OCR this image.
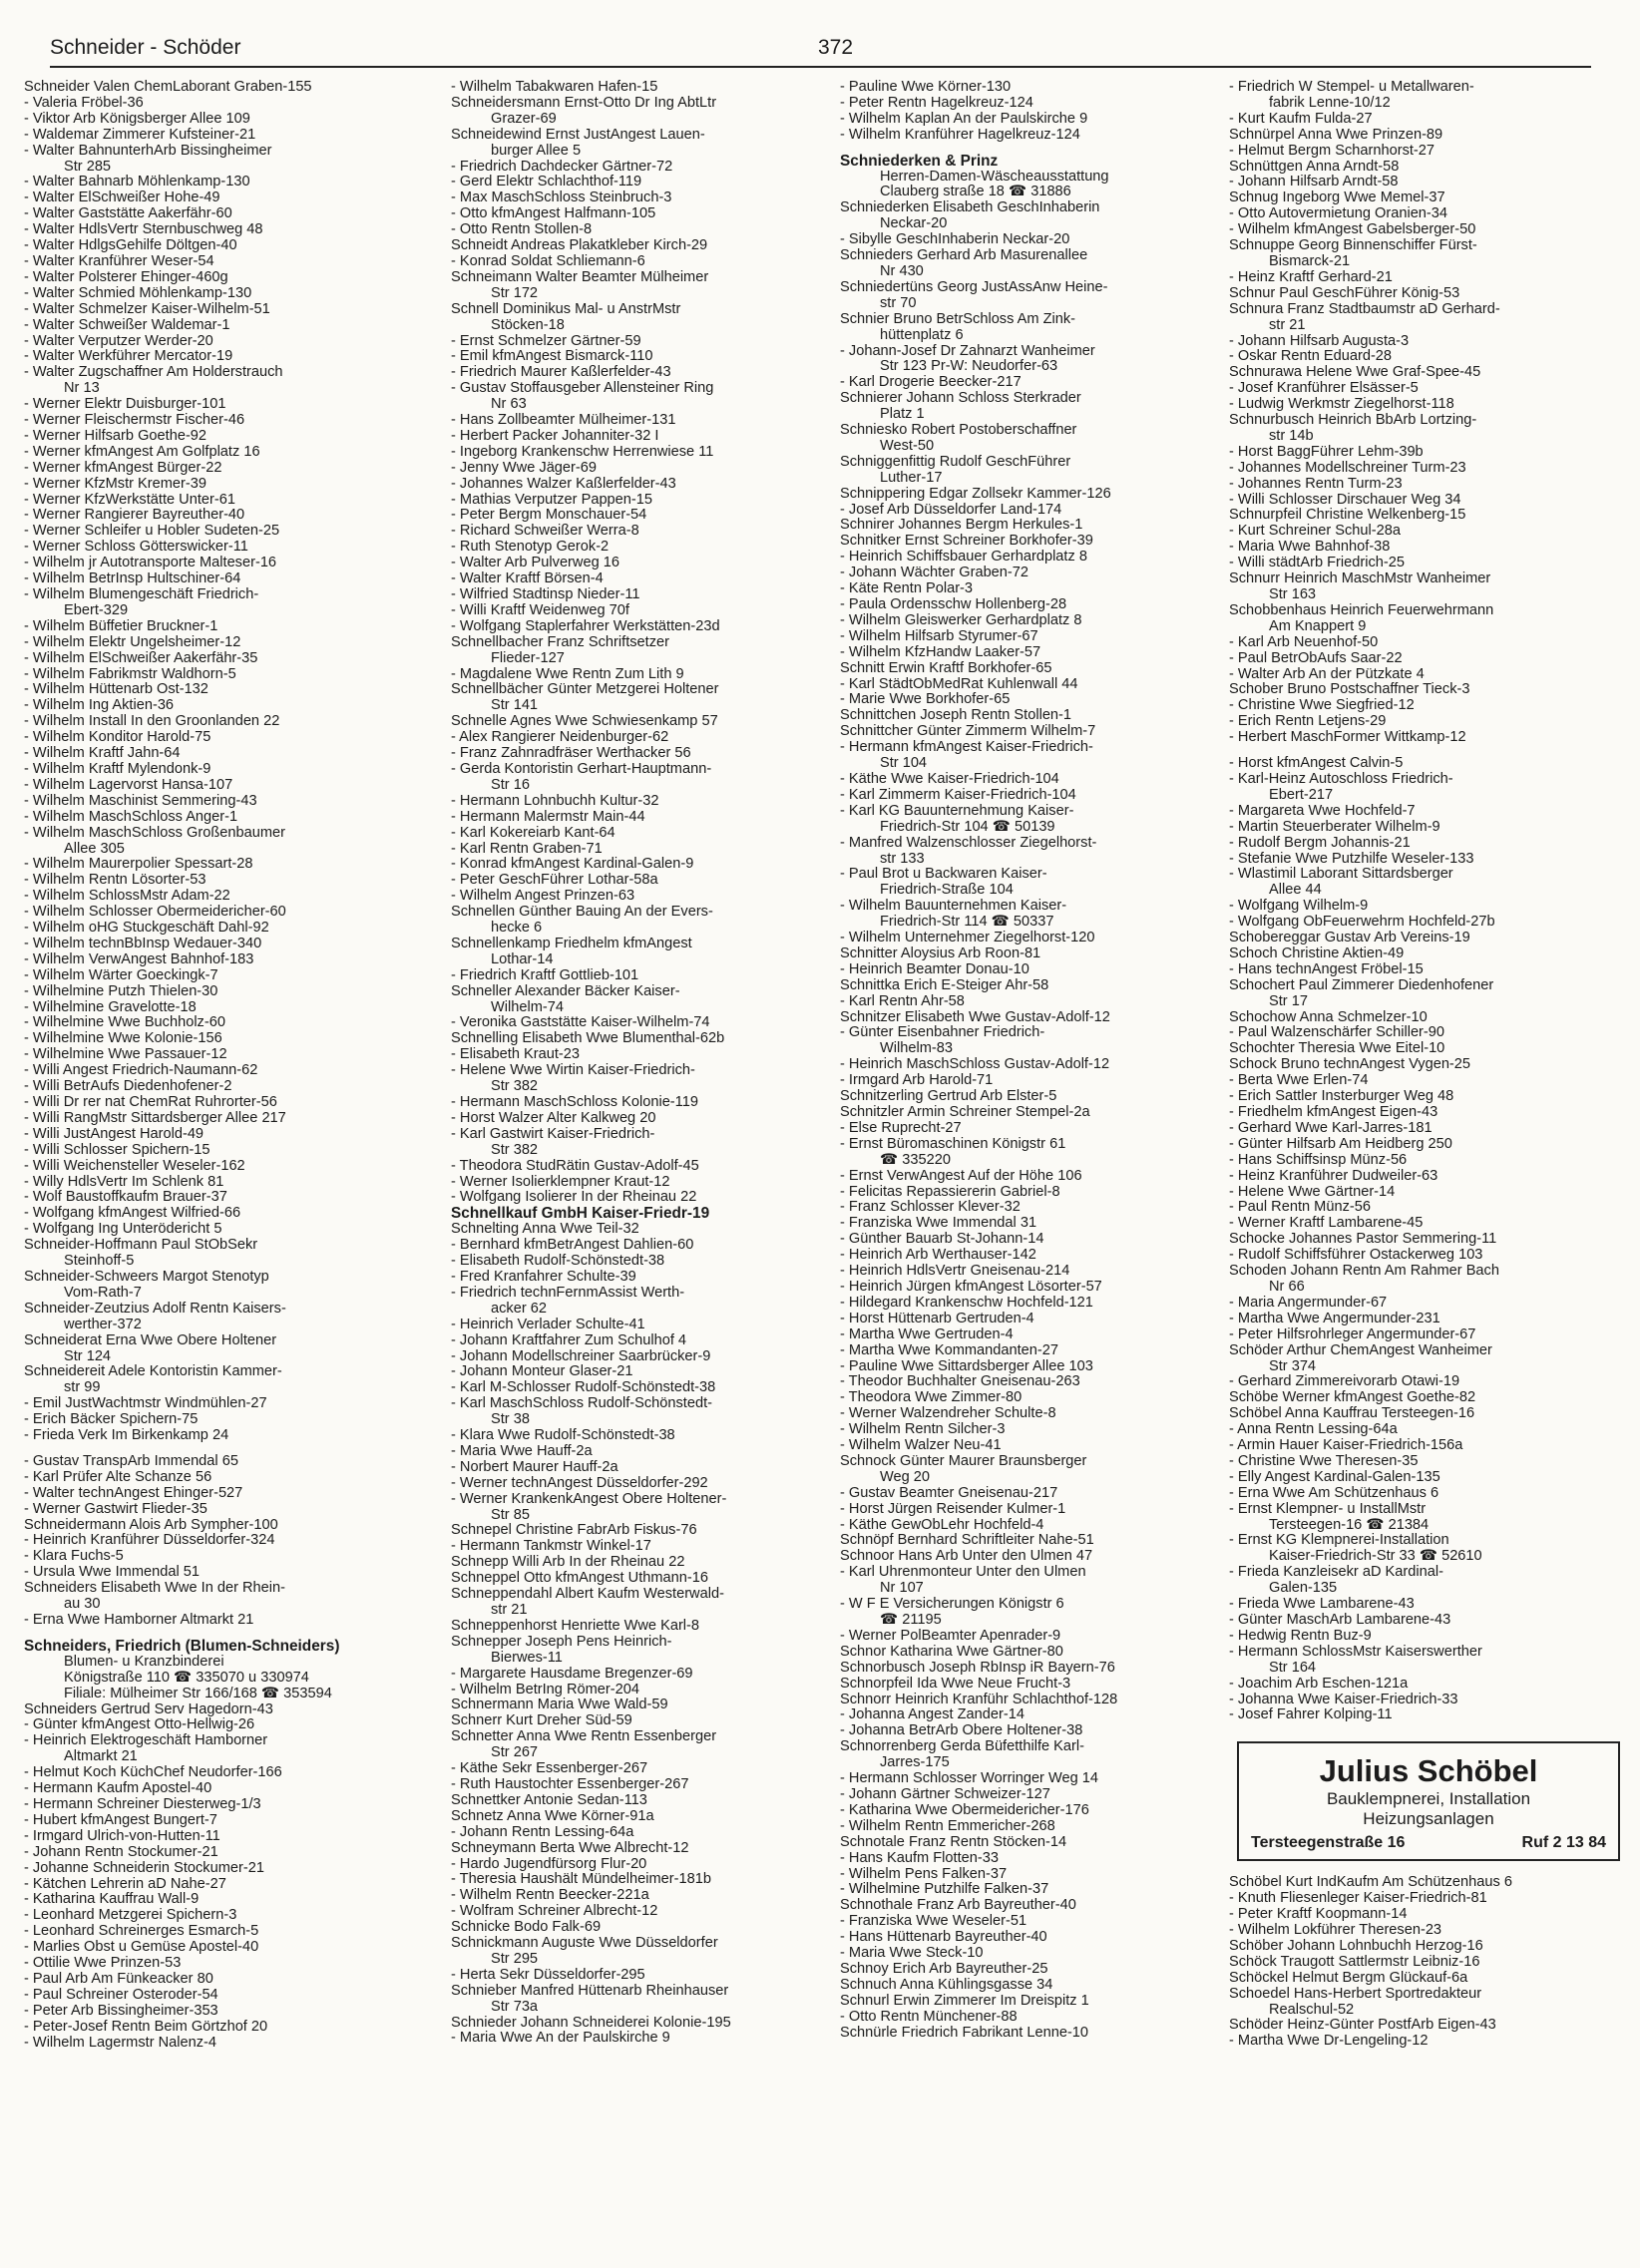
Schneider - Schöder	372
Schneider Valen ChemLaborant Graben-155
- Valeria Fröbel-36
- Viktor Arb Königsberger Allee 109
- Waldemar Zimmerer Kufsteiner-21
- Walter BahnunterhArb Bissingheimer
Str 285
- Walter Bahnarb Möhlenkamp-130
- Walter ElSchweißer Hohe-49
- Walter Gaststätte Aakerfähr-60
- Walter HdlsVertr Sternbuschweg 48
- Walter HdlgsGehilfe Döltgen-40
- Walter Kranführer Weser-54
- Walter Polsterer Ehinger-460g
- Walter Schmied Möhlenkamp-130
- Walter Schmelzer Kaiser-Wilhelm-51
- Walter Schweißer Waldemar-1
- Walter Verputzer Werder-20
- Walter Werkführer Mercator-19
- Walter Zugschaffner Am Holderstrauch
Nr 13
- Werner Elektr Duisburger-101
- Werner Fleischermstr Fischer-46
- Werner Hilfsarb Goethe-92
- Werner kfmAngest Am Golfplatz 16
- Werner kfmAngest Bürger-22
- Werner KfzMstr Kremer-39
- Werner KfzWerkstätte Unter-61
- Werner Rangierer Bayreuther-40
- Werner Schleifer u Hobler Sudeten-25
- Werner Schloss Götterswicker-11
- Wilhelm jr Autotransporte Malteser-16
- Wilhelm BetrInsp Hultschiner-64
- Wilhelm Blumengeschäft Friedrich-
Ebert-329
- Wilhelm Büffetier Bruckner-1
- Wilhelm Elektr Ungelsheimer-12
- Wilhelm ElSchweißer Aakerfähr-35
- Wilhelm Fabrikmstr Waldhorn-5
- Wilhelm Hüttenarb Ost-132
- Wilhelm Ing Aktien-36
- Wilhelm Install In den Groonlanden 22
- Wilhelm Konditor Harold-75
- Wilhelm Kraftf Jahn-64
- Wilhelm Kraftf Mylendonk-9
- Wilhelm Lagervorst Hansa-107
- Wilhelm Maschinist Semmering-43
- Wilhelm MaschSchloss Anger-1
- Wilhelm MaschSchloss Großenbaumer
Allee 305
- Wilhelm Maurerpolier Spessart-28
- Wilhelm Rentn Lösorter-53
- Wilhelm SchlossMstr Adam-22
- Wilhelm Schlosser Obermeidericher-60
- Wilhelm oHG Stuckgeschäft Dahl-92
- Wilhelm technBbInsp Wedauer-340
- Wilhelm VerwAngest Bahnhof-183
- Wilhelm Wärter Goeckingk-7
- Wilhelmine Putzh Thielen-30
- Wilhelmine Gravelotte-18
- Wilhelmine Wwe Buchholz-60
- Wilhelmine Wwe Kolonie-156
- Wilhelmine Wwe Passauer-12
- Willi Angest Friedrich-Naumann-62
- Willi BetrAufs Diedenhofener-2
- Willi Dr rer nat ChemRat Ruhrorter-56
- Willi RangMstr Sittardsberger Allee 217
- Willi JustAngest Harold-49
- Willi Schlosser Spichern-15
- Willi Weichensteller Weseler-162
- Willy HdlsVertr Im Schlenk 81
- Wolf Baustoffkaufm Brauer-37
- Wolfgang kfmAngest Wilfried-66
- Wolfgang Ing Unterödericht 5
Schneider-Hoffmann Paul StObSekr
Steinhoff-5
Schneider-Schweers Margot Stenotyp
Vom-Rath-7
Schneider-Zeutzius Adolf Rentn Kaisers-
werther-372
Schneiderat Erna Wwe Obere Holtener
Str 124
Schneidereit Adele Kontoristin Kammer-
str 99
- Emil JustWachtmstr Windmühlen-27
- Erich Bäcker Spichern-75
- Frieda Verk Im Birkenkamp 24
- Gustav TranspArb Immendal 65
- Karl Prüfer Alte Schanze 56
- Walter technAngest Ehinger-527
- Werner Gastwirt Flieder-35
Schneidermann Alois Arb Sympher-100
- Heinrich Kranführer Düsseldorfer-324
- Klara Fuchs-5
- Ursula Wwe Immendal 51
Schneiders Elisabeth Wwe In der Rhein-
au 30
- Erna Wwe Hamborner Altmarkt 21
Schneiders, Friedrich (Blumen-Schneiders)
Blumen- u Kranzbinderei
Königstraße 110 ☎ 335070 u 330974
Filiale: Mülheimer Str 166/168 ☎ 353594
Schneiders Gertrud Serv Hagedorn-43
- Günter kfmAngest Otto-Hellwig-26
- Heinrich Elektrogeschäft Hamborner
Altmarkt 21
- Helmut Koch KüchChef Neudorfer-166
- Hermann Kaufm Apostel-40
- Hermann Schreiner Diesterweg-1/3
- Hubert kfmAngest Bungert-7
- Irmgard Ulrich-von-Hutten-11
- Johann Rentn Stockumer-21
- Johanne Schneiderin Stockumer-21
- Kätchen Lehrerin aD Nahe-27
- Katharina Kauffrau Wall-9
- Leonhard Metzgerei Spichern-3
- Leonhard Schreinerges Esmarch-5
- Marlies Obst u Gemüse Apostel-40
- Ottilie Wwe Prinzen-53
- Paul Arb Am Fünkeacker 80
- Paul Schreiner Osteroder-54
- Peter Arb Bissingheimer-353
- Peter-Josef Rentn Beim Görtzhof 20
- Wilhelm Lagermstr Nalenz-4
- Wilhelm Tabakwaren Hafen-15
Schneidersmann Ernst-Otto Dr Ing AbtLtr
Grazer-69
Schneidewind Ernst JustAngest Lauen-
burger Allee 5
- Friedrich Dachdecker Gärtner-72
- Gerd Elektr Schlachthof-119
- Max MaschSchloss Steinbruch-3
- Otto kfmAngest Halfmann-105
- Otto Rentn Stollen-8
Schneidt Andreas Plakatkleber Kirch-29
- Konrad Soldat Schliemann-6
Schneimann Walter Beamter Mülheimer
Str 172
Schnell Dominikus Mal- u AnstrMstr
Stöcken-18
- Ernst Schmelzer Gärtner-59
- Emil kfmAngest Bismarck-110
- Friedrich Maurer Kaßlerfelder-43
- Gustav Stoffausgeber Allensteiner Ring
Nr 63
- Hans Zollbeamter Mülheimer-131
- Herbert Packer Johanniter-32 I
- Ingeborg Krankenschw Herrenwiese 11
- Jenny Wwe Jäger-69
- Johannes Walzer Kaßlerfelder-43
- Mathias Verputzer Pappen-15
- Peter Bergm Monschauer-54
- Richard Schweißer Werra-8
- Ruth Stenotyp Gerok-2
- Walter Arb Pulverweg 16
- Walter Kraftf Börsen-4
- Wilfried Stadtinsp Nieder-11
- Willi Kraftf Weidenweg 70f
- Wolfgang Staplerfahrer Werkstätten-23d
Schnellbacher Franz Schriftsetzer
Flieder-127
- Magdalene Wwe Rentn Zum Lith 9
Schnellbächer Günter Metzgerei Holtener
Str 141
Schnelle Agnes Wwe Schwiesenkamp 57
- Alex Rangierer Neidenburger-62
- Franz Zahnradfräser Werthacker 56
- Gerda Kontoristin Gerhart-Hauptmann-
Str 16
- Hermann Lohnbuchh Kultur-32
- Hermann Malermstr Main-44
- Karl Kokereiarb Kant-64
- Karl Rentn Graben-71
- Konrad kfmAngest Kardinal-Galen-9
- Peter GeschFührer Lothar-58a
- Wilhelm Angest Prinzen-63
Schnellen Günther Bauing An der Evers-
hecke 6
Schnellenkamp Friedhelm kfmAngest
Lothar-14
- Friedrich Kraftf Gottlieb-101
Schneller Alexander Bäcker Kaiser-
Wilhelm-74
- Veronika Gaststätte Kaiser-Wilhelm-74
Schnelling Elisabeth Wwe Blumenthal-62b
- Elisabeth Kraut-23
- Helene Wwe Wirtin Kaiser-Friedrich-
Str 382
- Hermann MaschSchloss Kolonie-119
- Horst Walzer Alter Kalkweg 20
- Karl Gastwirt Kaiser-Friedrich-
Str 382
- Theodora StudRätin Gustav-Adolf-45
- Werner Isolierklempner Kraut-12
- Wolfgang Isolierer In der Rheinau 22
Schnellkauf GmbH Kaiser-Friedr-19
Schnelting Anna Wwe Teil-32
- Bernhard kfmBetrAngest Dahlien-60
- Elisabeth Rudolf-Schönstedt-38
- Fred Kranfahrer Schulte-39
- Friedrich technFernmAssist Werth-
acker 62
- Heinrich Verlader Schulte-41
- Johann Kraftfahrer Zum Schulhof 4
- Johann Modellschreiner Saarbrücker-9
- Johann Monteur Glaser-21
- Karl M-Schlosser Rudolf-Schönstedt-38
- Karl MaschSchloss Rudolf-Schönstedt-
Str 38
- Klara Wwe Rudolf-Schönstedt-38
- Maria Wwe Hauff-2a
- Norbert Maurer Hauff-2a
- Werner technAngest Düsseldorfer-292
- Werner KrankenkAngest Obere Holtener-
Str 85
Schnepel Christine FabrArb Fiskus-76
- Hermann Tankmstr Winkel-17
Schnepp Willi Arb In der Rheinau 22
Schneppel Otto kfmAngest Uthmann-16
Schneppendahl Albert Kaufm Westerwald-
str 21
Schneppenhorst Henriette Wwe Karl-8
Schnepper Joseph Pens Heinrich-
Bierwes-11
- Margarete Hausdame Bregenzer-69
- Wilhelm BetrIng Römer-204
Schnermann Maria Wwe Wald-59
Schnerr Kurt Dreher Süd-59
Schnetter Anna Wwe Rentn Essenberger
Str 267
- Käthe Sekr Essenberger-267
- Ruth Haustochter Essenberger-267
Schnettker Antonie Sedan-113
Schnetz Anna Wwe Körner-91a
- Johann Rentn Lessing-64a
Schneymann Berta Wwe Albrecht-12
- Hardo Jugendfürsorg Flur-20
- Theresia Haushält Mündelheimer-181b
- Wilhelm Rentn Beecker-221a
- Wolfram Schreiner Albrecht-12
Schnicke Bodo Falk-69
Schnickmann Auguste Wwe Düsseldorfer
Str 295
- Herta Sekr Düsseldorfer-295
Schnieber Manfred Hüttenarb Rheinhauser
Str 73a
Schnieder Johann Schneiderei Kolonie-195
- Maria Wwe An der Paulskirche 9
- Pauline Wwe Körner-130
- Peter Rentn Hagelkreuz-124
- Wilhelm Kaplan An der Paulskirche 9
- Wilhelm Kranführer Hagelkreuz-124
Schniederken & Prinz
Herren-Damen-Wäscheausstattung
Clauberg straße 18 ☎ 31886
Schniederken Elisabeth GeschInhaberin
Neckar-20
- Sibylle GeschInhaberin Neckar-20
Schnieders Gerhard Arb Masurenallee
Nr 430
Schniedertüns Georg JustAssAnw Heine-
str 70
Schnier Bruno BetrSchloss Am Zink-
hüttenplatz 6
- Johann-Josef Dr Zahnarzt Wanheimer
Str 123 Pr-W: Neudorfer-63
- Karl Drogerie Beecker-217
Schnierer Johann Schloss Sterkrader
Platz 1
Schniesko Robert Postoberschaffner
West-50
Schniggenfittig Rudolf GeschFührer
Luther-17
Schnippering Edgar Zollsekr Kammer-126
- Josef Arb Düsseldorfer Land-174
Schnirer Johannes Bergm Herkules-1
Schnitker Ernst Schreiner Borkhofer-39
- Heinrich Schiffsbauer Gerhardplatz 8
- Johann Wächter Graben-72
- Käte Rentn Polar-3
- Paula Ordensschw Hollenberg-28
- Wilhelm Gleiswerker Gerhardplatz 8
- Wilhelm Hilfsarb Styrumer-67
- Wilhelm KfzHandw Laaker-57
Schnitt Erwin Kraftf Borkhofer-65
- Karl StädtObMedRat Kuhlenwall 44
- Marie Wwe Borkhofer-65
Schnittchen Joseph Rentn Stollen-1
Schnittcher Günter Zimmerm Wilhelm-7
- Hermann kfmAngest Kaiser-Friedrich-
Str 104
- Käthe Wwe Kaiser-Friedrich-104
- Karl Zimmerm Kaiser-Friedrich-104
- Karl KG Bauunternehmung Kaiser-
Friedrich-Str 104 ☎ 50139
- Manfred Walzenschlosser Ziegelhorst-
str 133
- Paul Brot u Backwaren Kaiser-
Friedrich-Straße 104
- Wilhelm Bauunternehmen Kaiser-
Friedrich-Str 114 ☎ 50337
- Wilhelm Unternehmer Ziegelhorst-120
Schnitter Aloysius Arb Roon-81
- Heinrich Beamter Donau-10
Schnittka Erich E-Steiger Ahr-58
- Karl Rentn Ahr-58
Schnitzer Elisabeth Wwe Gustav-Adolf-12
- Günter Eisenbahner Friedrich-
Wilhelm-83
- Heinrich MaschSchloss Gustav-Adolf-12
- Irmgard Arb Harold-71
Schnitzerling Gertrud Arb Elster-5
Schnitzler Armin Schreiner Stempel-2a
- Else Ruprecht-27
- Ernst Büromaschinen Königstr 61
☎ 335220
- Ernst VerwAngest Auf der Höhe 106
- Felicitas Repassiererin Gabriel-8
- Franz Schlosser Klever-32
- Franziska Wwe Immendal 31
- Günther Bauarb St-Johann-14
- Heinrich Arb Werthauser-142
- Heinrich HdlsVertr Gneisenau-214
- Heinrich Jürgen kfmAngest Lösorter-57
- Hildegard Krankenschw Hochfeld-121
- Horst Hüttenarb Gertruden-4
- Martha Wwe Gertruden-4
- Martha Wwe Kommandanten-27
- Pauline Wwe Sittardsberger Allee 103
- Theodor Buchhalter Gneisenau-263
- Theodora Wwe Zimmer-80
- Werner Walzendreher Schulte-8
- Wilhelm Rentn Silcher-3
- Wilhelm Walzer Neu-41
Schnock Günter Maurer Braunsberger
Weg 20
- Gustav Beamter Gneisenau-217
- Horst Jürgen Reisender Kulmer-1
- Käthe GewObLehr Hochfeld-4
Schnöpf Bernhard Schriftleiter Nahe-51
Schnoor Hans Arb Unter den Ulmen 47
- Karl Uhrenmonteur Unter den Ulmen
Nr 107
- W F E Versicherungen Königstr 6
☎ 21195
- Werner PolBeamter Apenrader-9
Schnor Katharina Wwe Gärtner-80
Schnorbusch Joseph RbInsp iR Bayern-76
Schnorpfeil Ida Wwe Neue Frucht-3
Schnorr Heinrich Kranführ Schlachthof-128
- Johanna Angest Zander-14
- Johanna BetrArb Obere Holtener-38
Schnorrenberg Gerda Büfetthilfe Karl-
Jarres-175
- Hermann Schlosser Worringer Weg 14
- Johann Gärtner Schweizer-127
- Katharina Wwe Obermeidericher-176
- Wilhelm Rentn Emmericher-268
Schnotale Franz Rentn Stöcken-14
- Hans Kaufm Flotten-33
- Wilhelm Pens Falken-37
- Wilhelmine Putzhilfe Falken-37
Schnothale Franz Arb Bayreuther-40
- Franziska Wwe Weseler-51
- Hans Hüttenarb Bayreuther-40
- Maria Wwe Steck-10
Schnoy Erich Arb Bayreuther-25
Schnuch Anna Kühlingsgasse 34
Schnurl Erwin Zimmerer Im Dreispitz 1
- Otto Rentn Münchener-88
Schnürle Friedrich Fabrikant Lenne-10
- Friedrich W Stempel- u Metallwaren-
fabrik Lenne-10/12
- Kurt Kaufm Fulda-27
Schnürpel Anna Wwe Prinzen-89
- Helmut Bergm Scharnhorst-27
Schnüttgen Anna Arndt-58
- Johann Hilfsarb Arndt-58
Schnug Ingeborg Wwe Memel-37
- Otto Autovermietung Oranien-34
- Wilhelm kfmAngest Gabelsberger-50
Schnuppe Georg Binnenschiffer Fürst-
Bismarck-21
- Heinz Kraftf Gerhard-21
Schnur Paul GeschFührer König-53
Schnura Franz Stadtbaumstr aD Gerhard-
str 21
- Johann Hilfsarb Augusta-3
- Oskar Rentn Eduard-28
Schnurawa Helene Wwe Graf-Spee-45
- Josef Kranführer Elsässer-5
- Ludwig Werkmstr Ziegelhorst-118
Schnurbusch Heinrich BbArb Lortzing-
str 14b
- Horst BaggFührer Lehm-39b
- Johannes Modellschreiner Turm-23
- Johannes Rentn Turm-23
- Willi Schlosser Dirschauer Weg 34
Schnurpfeil Christine Welkenberg-15
- Kurt Schreiner Schul-28a
- Maria Wwe Bahnhof-38
- Willi städtArb Friedrich-25
Schnurr Heinrich MaschMstr Wanheimer
Str 163
Schobbenhaus Heinrich Feuerwehrmann
Am Knappert 9
- Karl Arb Neuenhof-50
- Paul BetrObAufs Saar-22
- Walter Arb An der Pützkate 4
Schober Bruno Postschaffner Tieck-3
- Christine Wwe Siegfried-12
- Erich Rentn Letjens-29
- Herbert MaschFormer Wittkamp-12
- Horst kfmAngest Calvin-5
- Karl-Heinz Autoschloss Friedrich-
Ebert-217
- Margareta Wwe Hochfeld-7
- Martin Steuerberater Wilhelm-9
- Rudolf Bergm Johannis-21
- Stefanie Wwe Putzhilfe Weseler-133
- Wlastimil Laborant Sittardsberger
Allee 44
- Wolfgang Wilhelm-9
- Wolfgang ObFeuerwehrm Hochfeld-27b
Schobereggar Gustav Arb Vereins-19
Schoch Christine Aktien-49
- Hans technAngest Fröbel-15
Schochert Paul Zimmerer Diedenhofener
Str 17
Schochow Anna Schmelzer-10
- Paul Walzenschärfer Schiller-90
Schochter Theresia Wwe Eitel-10
Schock Bruno technAngest Vygen-25
- Berta Wwe Erlen-74
- Erich Sattler Insterburger Weg 48
- Friedhelm kfmAngest Eigen-43
- Gerhard Wwe Karl-Jarres-181
- Günter Hilfsarb Am Heidberg 250
- Hans Schiffsinsp Münz-56
- Heinz Kranführer Dudweiler-63
- Helene Wwe Gärtner-14
- Paul Rentn Münz-56
- Werner Kraftf Lambarene-45
Schocke Johannes Pastor Semmering-11
- Rudolf Schiffsführer Ostackerweg 103
Schoden Johann Rentn Am Rahmer Bach
Nr 66
- Maria Angermunder-67
- Martha Wwe Angermunder-231
- Peter Hilfsrohrleger Angermunder-67
Schöder Arthur ChemAngest Wanheimer
Str 374
- Gerhard Zimmereivorarb Otawi-19
Schöbe Werner kfmAngest Goethe-82
Schöbel Anna Kauffrau Tersteegen-16
- Anna Rentn Lessing-64a
- Armin Hauer Kaiser-Friedrich-156a
- Christine Wwe Theresen-35
- Elly Angest Kardinal-Galen-135
- Erna Wwe Am Schützenhaus 6
- Ernst Klempner- u InstallMstr
Tersteegen-16 ☎ 21384
- Ernst KG Klempnerei-Installation
Kaiser-Friedrich-Str 33 ☎ 52610
- Frieda Kanzleisekr aD Kardinal-
Galen-135
- Frieda Wwe Lambarene-43
- Günter MaschArb Lambarene-43
- Hedwig Rentn Buz-9
- Hermann SchlossMstr Kaiserswerther
Str 164
- Joachim Arb Eschen-121a
- Johanna Wwe Kaiser-Friedrich-33
- Josef Fahrer Kolping-11
Julius Schöbel
Bauklempnerei, Installation
Heizungsanlagen
Tersteegenstraße 16	Ruf 2 13 84
Schöbel Kurt IndKaufm Am Schützenhaus 6
- Knuth Fliesenleger Kaiser-Friedrich-81
- Peter Kraftf Koopmann-14
- Wilhelm Lokführer Theresen-23
Schöber Johann Lohnbuchh Herzog-16
Schöck Traugott Sattlermstr Leibniz-16
Schöckel Helmut Bergm Glückauf-6a
Schoedel Hans-Herbert Sportredakteur
Realschul-52
Schöder Heinz-Günter PostfArb Eigen-43
- Martha Wwe Dr-Lengeling-12
